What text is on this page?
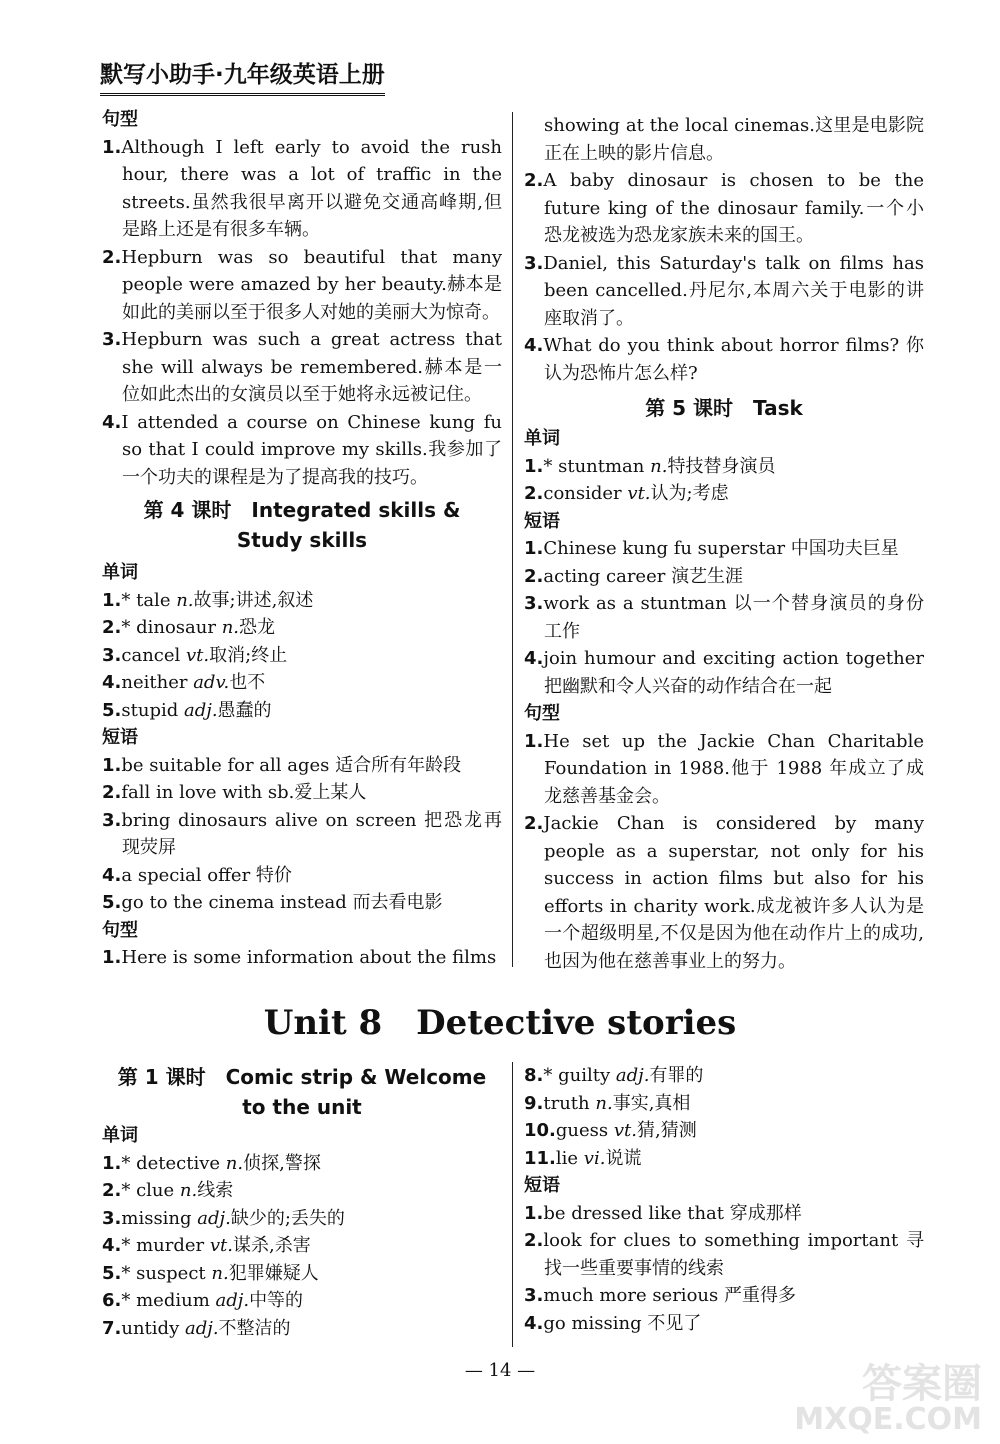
默写小助手·九年级英语上册
句型
1.Although I left early to avoid the rush hour, there was a lot of traffic in the streets.虽然我很早离开以避免交通高峰期,但是路上还是有很多车辆。
2.Hepburn was so beautiful that many people were amazed by her beauty.赫本是如此的美丽以至于很多人对她的美丽大为惊奇。
3.Hepburn was such a great actress that she will always be remembered.赫本是一位如此杰出的女演员以至于她将永远被记住。
4.I attended a course on Chinese kung fu so that I could improve my skills.我参加了一个功夫的课程是为了提高我的技巧。
第 4 课时　Integrated skills &
Study skills
单词
1.* tale n.故事;讲述,叙述
2.* dinosaur n.恐龙
3.cancel vt.取消;终止
4.neither adv.也不
5.stupid adj.愚蠢的
短语
1.be suitable for all ages 适合所有年龄段
2.fall in love with sb.爱上某人
3.bring dinosaurs alive on screen 把恐龙再现荧屏
4.a special offer 特价
5.go to the cinema instead 而去看电影
句型
1.Here is some information about the films
showing at the local cinemas.这里是电影院正在上映的影片信息。
2.A baby dinosaur is chosen to be the future king of the dinosaur family.一个小恐龙被选为恐龙家族未来的国王。
3.Daniel, this Saturday's talk on films has been cancelled.丹尼尔,本周六关于电影的讲座取消了。
4.What do you think about horror films? 你认为恐怖片怎么样?
第 5 课时　Task
单词
1.* stuntman n.特技替身演员
2.consider vt.认为;考虑
短语
1.Chinese kung fu superstar 中国功夫巨星
2.acting career 演艺生涯
3.work as a stuntman 以一个替身演员的身份工作
4.join humour and exciting action together 把幽默和令人兴奋的动作结合在一起
句型
1.He set up the Jackie Chan Charitable Foundation in 1988.他于 1988 年成立了成龙慈善基金会。
2.Jackie Chan is considered by many people as a superstar, not only for his success in action films but also for his efforts in charity work.成龙被许多人认为是一个超级明星,不仅是因为他在动作片上的成功,也因为他在慈善事业上的努力。
Unit 8　Detective stories
第 1 课时　Comic strip & Welcome
to the unit
单词
1.* detective n.侦探,警探
2.* clue n.线索
3.missing adj.缺少的;丢失的
4.* murder vt.谋杀,杀害
5.* suspect n.犯罪嫌疑人
6.* medium adj.中等的
7.untidy adj.不整洁的
8.* guilty adj.有罪的
9.truth n.事实,真相
10.guess vt.猜,猜测
11.lie vi.说谎
短语
1.be dressed like that 穿成那样
2.look for clues to something important 寻找一些重要事情的线索
3.much more serious 严重得多
4.go missing 不见了
— 14 —	答案圈
MXQE.COM
